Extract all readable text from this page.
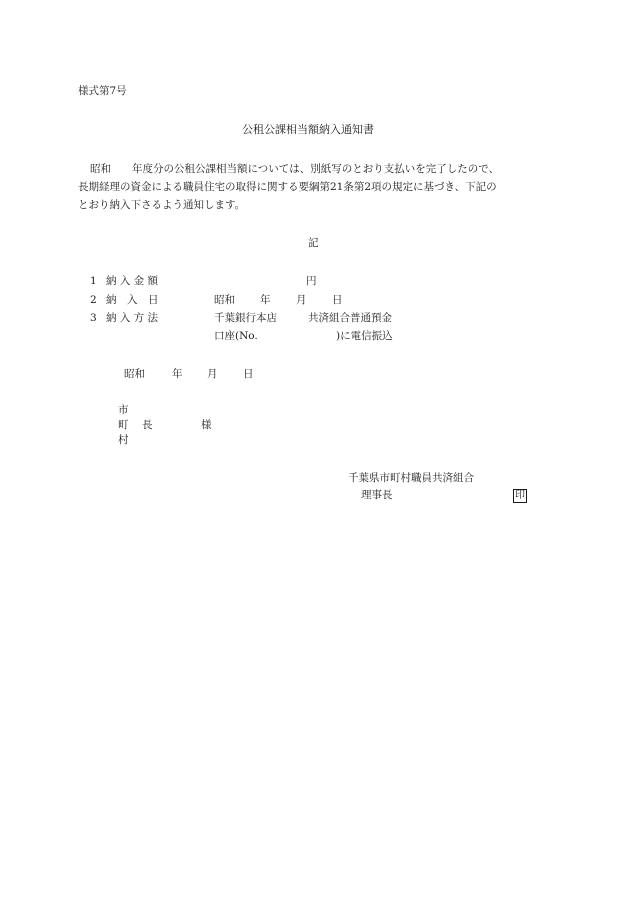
様式第7号
公租公課相当額納入通知書
昭和　　年度分の公租公課相当額については、別紙写のとおり支払いを完了したので、
長期経理の資金による職員住宅の取得に関する要綱第21条第2項の規定に基づき、下記の
とおり納入下さるよう通知します。
記
1 納 入 金 額	円
2 納　入　日	昭和 年 月 日
3 納 入 方 法	千葉銀行本店	共済組合普通預金
口座(No.	)に電信振込
昭和	年 月 日
市
町 長	様
村
千葉県市町村職員共済組合
理事長	印
